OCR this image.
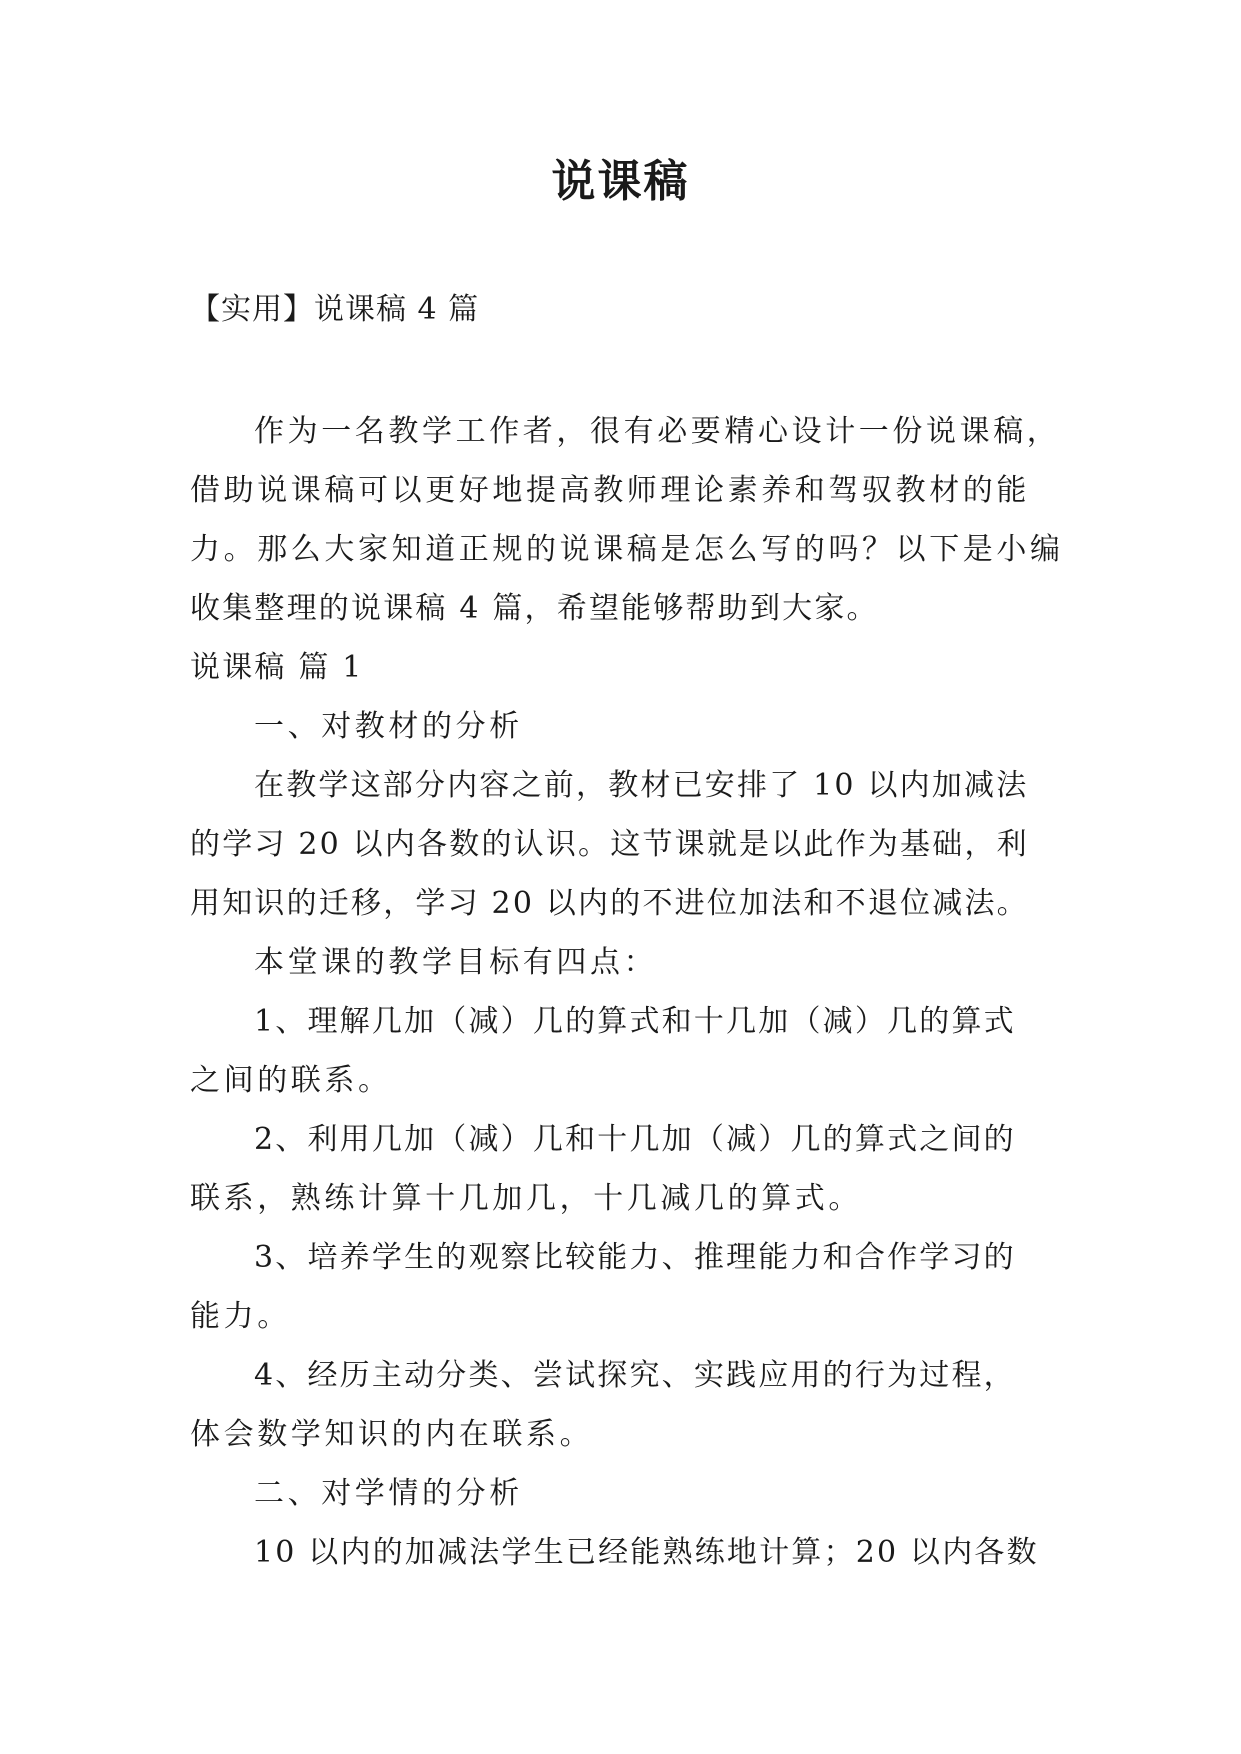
说课稿
【实用】说课稿 4 篇
作为一名教学工作者，很有必要精心设计一份说课稿，
借助说课稿可以更好地提高教师理论素养和驾驭教材的能
力。那么大家知道正规的说课稿是怎么写的吗？以下是小编
收集整理的说课稿 4 篇，希望能够帮助到大家。
说课稿 篇 1
一、对教材的分析
在教学这部分内容之前，教材已安排了 10 以内加减法
的学习 20 以内各数的认识。这节课就是以此作为基础，利
用知识的迁移，学习 20 以内的不进位加法和不退位减法。
本堂课的教学目标有四点：
1、理解几加（减）几的算式和十几加（减）几的算式
之间的联系。
2、利用几加（减）几和十几加（减）几的算式之间的
联系，熟练计算十几加几，十几减几的算式。
3、培养学生的观察比较能力、推理能力和合作学习的
能力。
4、经历主动分类、尝试探究、实践应用的行为过程，
体会数学知识的内在联系。
二、对学情的分析
10 以内的加减法学生已经能熟练地计算；20 以内各数
